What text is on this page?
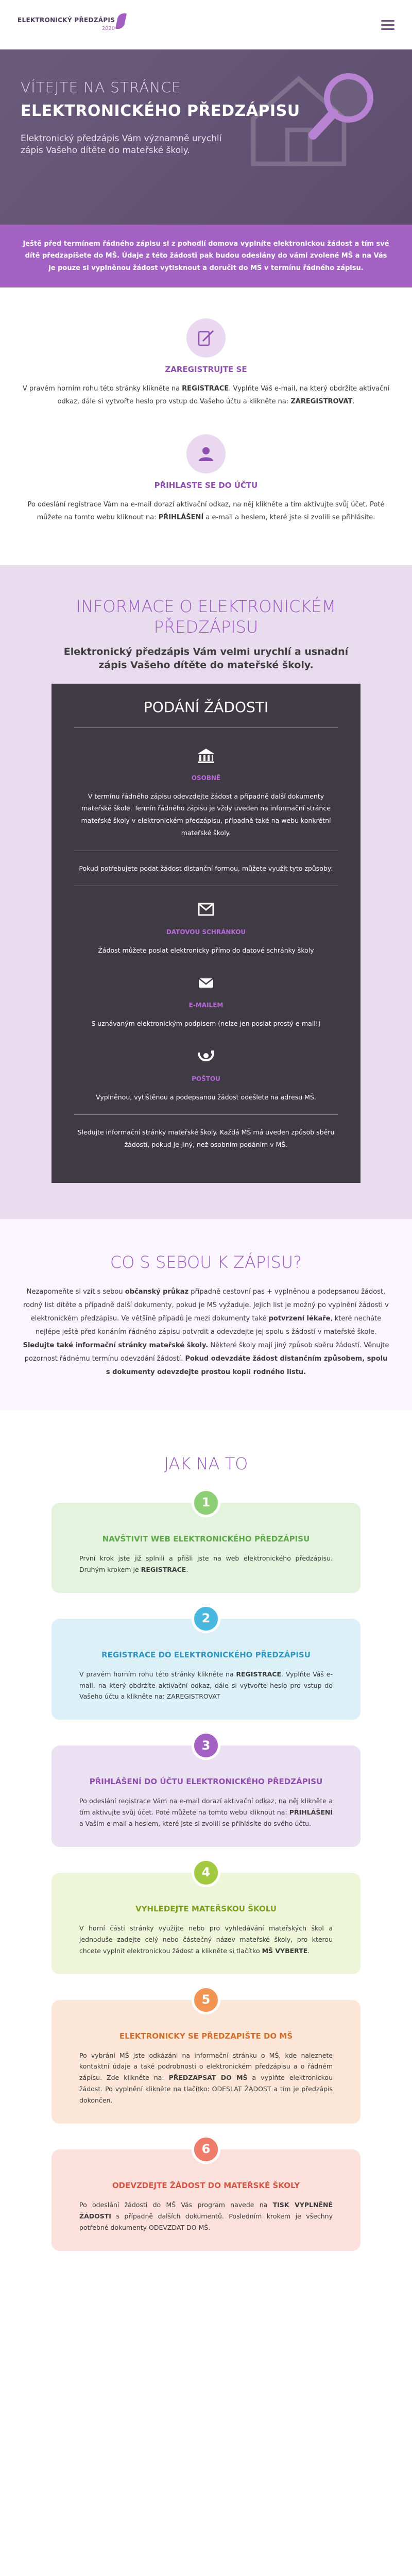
ELEKTRONICKÝ PŘEDZÁPIS
2020
VÍTEJTE NA STRÁNCE
ELEKTRONICKÉHO PŘEDZÁPISU
Elektronický předzápis Vám významně urychlí zápis Vašeho dítěte do mateřské školy.
Ještě před termínem řádného zápisu si z pohodlí domova vyplníte elektronickou žádost a tím své dítě předzapíšete do MŠ. Údaje z této žádosti pak budou odeslány do vámi zvolené MŠ a na Vás je pouze si vyplněnou žádost vytisknout a doručit do MŠ v termínu řádného zápisu.
ZAREGISTRUJTE SE
V pravém horním rohu této stránky klikněte na REGISTRACE. Vyplňte Váš e-mail, na který obdržíte aktivační odkaz, dále si vytvořte heslo pro vstup do Vašeho účtu a klikněte na: ZAREGISTROVAT.
PŘIHLASTE SE DO ÚČTU
Po odeslání registrace Vám na e-mail dorazí aktivační odkaz, na něj klikněte a tím aktivujte svůj účet. Poté můžete na tomto webu kliknout na: PŘIHLÁŠENÍ a e-mail a heslem, které jste si zvolili se přihlásíte.
INFORMACE O ELEKTRONICKÉM PŘEDZÁPISU
Elektronický předzápis Vám velmi urychlí a usnadní zápis Vašeho dítěte do mateřské školy.
PODÁNÍ ŽÁDOSTI
OSOBNĚ
V termínu řádného zápisu odevzdejte žádost a případně další dokumenty mateřské škole. Termín řádného zápisu je vždy uveden na informační stránce mateřské školy v elektronickém předzápisu, případně také na webu konkrétní mateřské školy.
Pokud potřebujete podat žádost distanční formou, můžete využít tyto způsoby:
DATOVOU SCHRÁNKOU
Žádost můžete poslat elektronicky přímo do datové schránky školy
E-MAILEM
S uznávaným elektronickým podpisem (nelze jen poslat prostý e-mail!)
POŠTOU
Vyplněnou, vytištěnou a podepsanou žádost odešlete na adresu MŠ.
Sledujte informační stránky mateřské školy. Každá MŠ má uveden způsob sběru žádostí, pokud je jiný, než osobním podáním v MŠ.
CO S SEBOU K ZÁPISU?
Nezapomeňte si vzít s sebou občanský průkaz případně cestovní pas + vyplněnou a podepsanou žádost, rodný list dítěte a případně další dokumenty, pokud je MŠ vyžaduje. Jejich list je možný po vyplnění žádosti v elektronickém předzápisu. Ve většině případů je mezi dokumenty také potvrzení lékaře, které necháte nejlépe ještě před konáním řádného zápisu potvrdit a odevzdejte jej spolu s žádostí v mateřské škole. Sledujte také informační stránky mateřské školy. Některé školy mají jiný způsob sběru žádostí. Věnujte pozornost řádnému termínu odevzdání žádostí. Pokud odevzdáte žádost distančním způsobem, spolu s dokumenty odevzdejte prostou kopii rodného listu.
JAK NA TO
1
NAVŠTIVIT WEB ELEKTRONICKÉHO PŘEDZÁPISU
První krok jste již splnili a přišli jste na web elektronického předzápisu. Druhým krokem je REGISTRACE.
2
REGISTRACE DO ELEKTRONICKÉHO PŘEDZÁPISU
V pravém horním rohu této stránky klikněte na REGISTRACE. Vyplňte Váš e-mail, na který obdržíte aktivační odkaz, dále si vytvořte heslo pro vstup do Vašeho účtu a klikněte na: ZAREGISTROVAT
3
PŘIHLÁŠENÍ DO ÚČTU ELEKTRONICKÉHO PŘEDZÁPISU
Po odeslání registrace Vám na e-mail dorazí aktivační odkaz, na něj klikněte a tím aktivujte svůj účet. Poté můžete na tomto webu kliknout na: PŘIHLÁŠENÍ a Vaším e-mail a heslem, které jste si zvolili se přihlásíte do svého účtu.
4
VYHLEDEJTE MATEŘSKOU ŠKOLU
V horní části stránky využijte nebo pro vyhledávání mateřských škol a jednoduše zadejte celý nebo částečný název mateřské školy, pro kterou chcete vyplnit elektronickou žádost a klikněte si tlačítko MŠ VYBERTE.
5
ELEKTRONICKY SE PŘEDZAPIŠTE DO MŠ
Po vybrání MŠ jste odkázáni na informační stránku o MŠ, kde naleznete kontaktní údaje a také podrobnosti o elektronickém předzápisu a o řádném zápisu. Zde klikněte na: PŘEDZAPSAT DO MŠ a vyplňte elektronickou žádost. Po vyplnění klikněte na tlačítko: ODESLAT ŽÁDOST a tím je předzápis dokončen.
6
ODEVZDEJTE ŽÁDOST DO MATEŘSKÉ ŠKOLY
Po odeslání žádosti do MŠ Vás program navede na TISK VYPLNĚNÉ ŽÁDOSTI s případně dalších dokumentů. Posledním krokem je všechny potřebné dokumenty ODEVZDAT DO MŠ.
